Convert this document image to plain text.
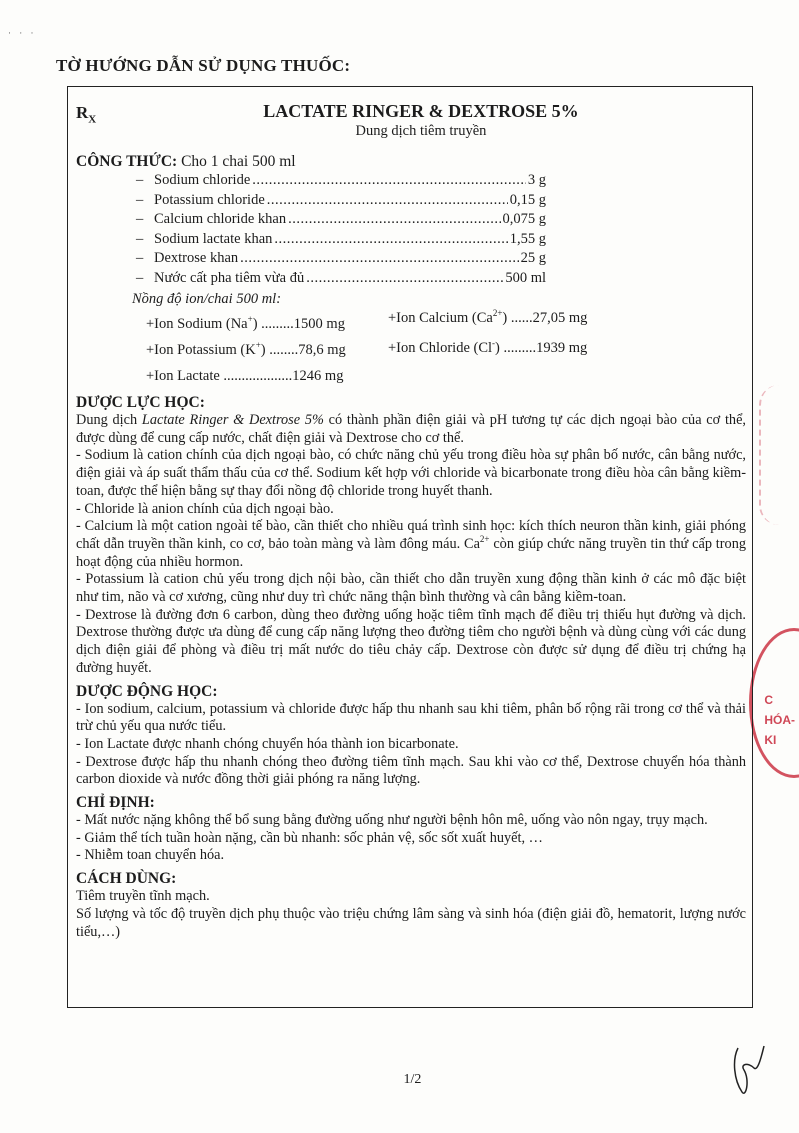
· · ·
TỜ HƯỚNG DẪN SỬ DỤNG THUỐC:
C
HÓA-
KI
$R_X$	LACTATE RINGER & DEXTROSE 5%
Dung dịch tiêm truyền
CÔNG THỨC: Cho 1 chai 500 ml
– Sodium chloride .....	3 g
– Potassium chloride .....	0,15 g
– Calcium chloride khan .....	0,075 g
– Sodium lactate khan .....	1,55 g
– Dextrose khan .....	25 g
– Nước cất pha tiêm vừa đủ .....	500 ml
Nồng độ ion/chai 500 ml:
+Ion Sodium (Na+) .........1500 mg	+Ion Calcium $(Ca^{2+})$ ......27,05 mg
+Ion Potassium (K+) ........78,6 mg	+Ion Chloride (Cl-) .........1939 mg
+Ion Lactate ...................1246 mg
DƯỢC LỰC HỌC:
Dung dịch Lactate Ringer & Dextrose 5% có thành phần điện giải và pH tương tự các dịch ngoại bào của cơ thể, được dùng để cung cấp nước, chất điện giải và Dextrose cho cơ thể.
- Sodium là cation chính của dịch ngoại bào, có chức năng chủ yếu trong điều hòa sự phân bố nước, cân bằng nước, điện giải và áp suất thẩm thấu của cơ thể. Sodium kết hợp với chloride và bicarbonate trong điều hòa cân bằng kiềm-toan, được thể hiện bằng sự thay đổi nồng độ chloride trong huyết thanh.
- Chloride là anion chính của dịch ngoại bào.
- Calcium là một cation ngoài tế bào, cần thiết cho nhiều quá trình sinh học: kích thích neuron thần kinh, giải phóng chất dẫn truyền thần kinh, co cơ, bảo toàn màng và làm đông máu. $Ca^{2+}$ còn giúp chức năng truyền tin thứ cấp trong hoạt động của nhiều hormon.
- Potassium là cation chủ yếu trong dịch nội bào, cần thiết cho dẫn truyền xung động thần kinh ở các mô đặc biệt như tim, não và cơ xương, cũng như duy trì chức năng thận bình thường và cân bằng kiềm-toan.
- Dextrose là đường đơn 6 carbon, dùng theo đường uống hoặc tiêm tĩnh mạch để điều trị thiếu hụt đường và dịch. Dextrose thường được ưa dùng để cung cấp năng lượng theo đường tiêm cho người bệnh và dùng cùng với các dung dịch điện giải để phòng và điều trị mất nước do tiêu chảy cấp. Dextrose còn được sử dụng để điều trị chứng hạ đường huyết.
DƯỢC ĐỘNG HỌC:
- Ion sodium, calcium, potassium và chloride được hấp thu nhanh sau khi tiêm, phân bố rộng rãi trong cơ thể và thải trừ chủ yếu qua nước tiểu.
- Ion Lactate được nhanh chóng chuyển hóa thành ion bicarbonate.
- Dextrose được hấp thu nhanh chóng theo đường tiêm tĩnh mạch. Sau khi vào cơ thể, Dextrose chuyển hóa thành carbon dioxide và nước đồng thời giải phóng ra năng lượng.
CHỈ ĐỊNH:
- Mất nước nặng không thể bổ sung bằng đường uống như người bệnh hôn mê, uống vào nôn ngay, trụy mạch.
- Giảm thể tích tuần hoàn nặng, cần bù nhanh: sốc phản vệ, sốc sốt xuất huyết, …
- Nhiễm toan chuyển hóa.
CÁCH DÙNG:
Tiêm truyền tĩnh mạch.
Số lượng và tốc độ truyền dịch phụ thuộc vào triệu chứng lâm sàng và sinh hóa (điện giải đồ, hematorit, lượng nước tiểu,…)
1/2
